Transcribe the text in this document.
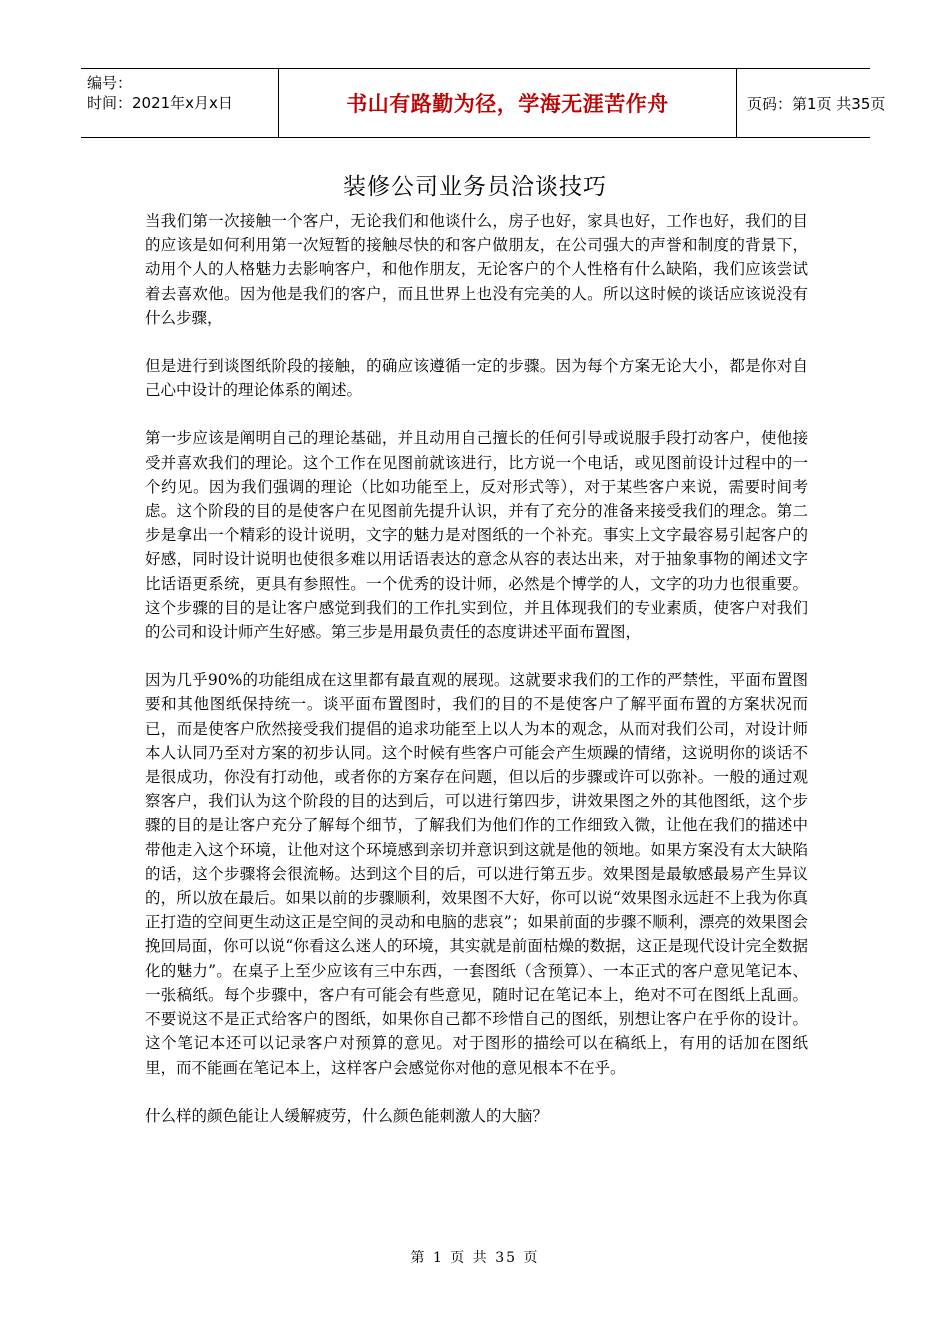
编号：
时间：2021年x月x日	书山有路勤为径，学海无涯苦作舟	页码：第1页 共35页
装修公司业务员洽谈技巧

当我们第一次接触一个客户，无论我们和他谈什么，房子也好，家具也好，工作也好，我们的目的应该是如何利用第一次短暂的接触尽快的和客户做朋友，在公司强大的声誉和制度的背景下，动用个人的人格魅力去影响客户，和他作朋友，无论客户的个人性格有什么缺陷，我们应该尝试着去喜欢他。因为他是我们的客户，而且世界上也没有完美的人。所以这时候的谈话应该说没有什么步骤，

但是进行到谈图纸阶段的接触，的确应该遵循一定的步骤。因为每个方案无论大小，都是你对自己心中设计的理论体系的阐述。

第一步应该是阐明自己的理论基础，并且动用自己擅长的任何引导或说服手段打动客户，使他接受并喜欢我们的理论。这个工作在见图前就该进行，比方说一个电话，或见图前设计过程中的一个约见。因为我们强调的理论（比如功能至上，反对形式等），对于某些客户来说，需要时间考虑。这个阶段的目的是使客户在见图前先提升认识，并有了充分的准备来接受我们的理念。第二步是拿出一个精彩的设计说明，文字的魅力是对图纸的一个补充。事实上文字最容易引起客户的好感，同时设计说明也使很多难以用话语表达的意念从容的表达出来，对于抽象事物的阐述文字比话语更系统，更具有参照性。一个优秀的设计师，必然是个博学的人，文字的功力也很重要。这个步骤的目的是让客户感觉到我们的工作扎实到位，并且体现我们的专业素质，使客户对我们的公司和设计师产生好感。第三步是用最负责任的态度讲述平面布置图，

因为几乎90%的功能组成在这里都有最直观的展现。这就要求我们的工作的严禁性，平面布置图要和其他图纸保持统一。谈平面布置图时，我们的目的不是使客户了解平面布置的方案状况而已，而是使客户欣然接受我们提倡的追求功能至上以人为本的观念，从而对我们公司，对设计师本人认同乃至对方案的初步认同。这个时候有些客户可能会产生烦躁的情绪，这说明你的谈话不是很成功，你没有打动他，或者你的方案存在问题，但以后的步骤或许可以弥补。一般的通过观察客户，我们认为这个阶段的目的达到后，可以进行第四步，讲效果图之外的其他图纸，这个步骤的目的是让客户充分了解每个细节，了解我们为他们作的工作细致入微，让他在我们的描述中带他走入这个环境，让他对这个环境感到亲切并意识到这就是他的领地。如果方案没有太大缺陷的话，这个步骤将会很流畅。达到这个目的后，可以进行第五步。效果图是最敏感最易产生异议的，所以放在最后。如果以前的步骤顺利，效果图不大好，你可以说“效果图永远赶不上我为你真正打造的空间更生动这正是空间的灵动和电脑的悲哀”；如果前面的步骤不顺利，漂亮的效果图会挽回局面，你可以说“你看这么迷人的环境，其实就是前面枯燥的数据，这正是现代设计完全数据化的魅力”。在桌子上至少应该有三中东西，一套图纸（含预算）、一本正式的客户意见笔记本、一张稿纸。每个步骤中，客户有可能会有些意见，随时记在笔记本上，绝对不可在图纸上乱画。不要说这不是正式给客户的图纸，如果你自己都不珍惜自己的图纸，别想让客户在乎你的设计。这个笔记本还可以记录客户对预算的意见。对于图形的描绘可以在稿纸上，有用的话加在图纸里，而不能画在笔记本上，这样客户会感觉你对他的意见根本不在乎。

什么样的颜色能让人缓解疲劳，什么颜色能刺激人的大脑？

第 1 页 共 35 页
